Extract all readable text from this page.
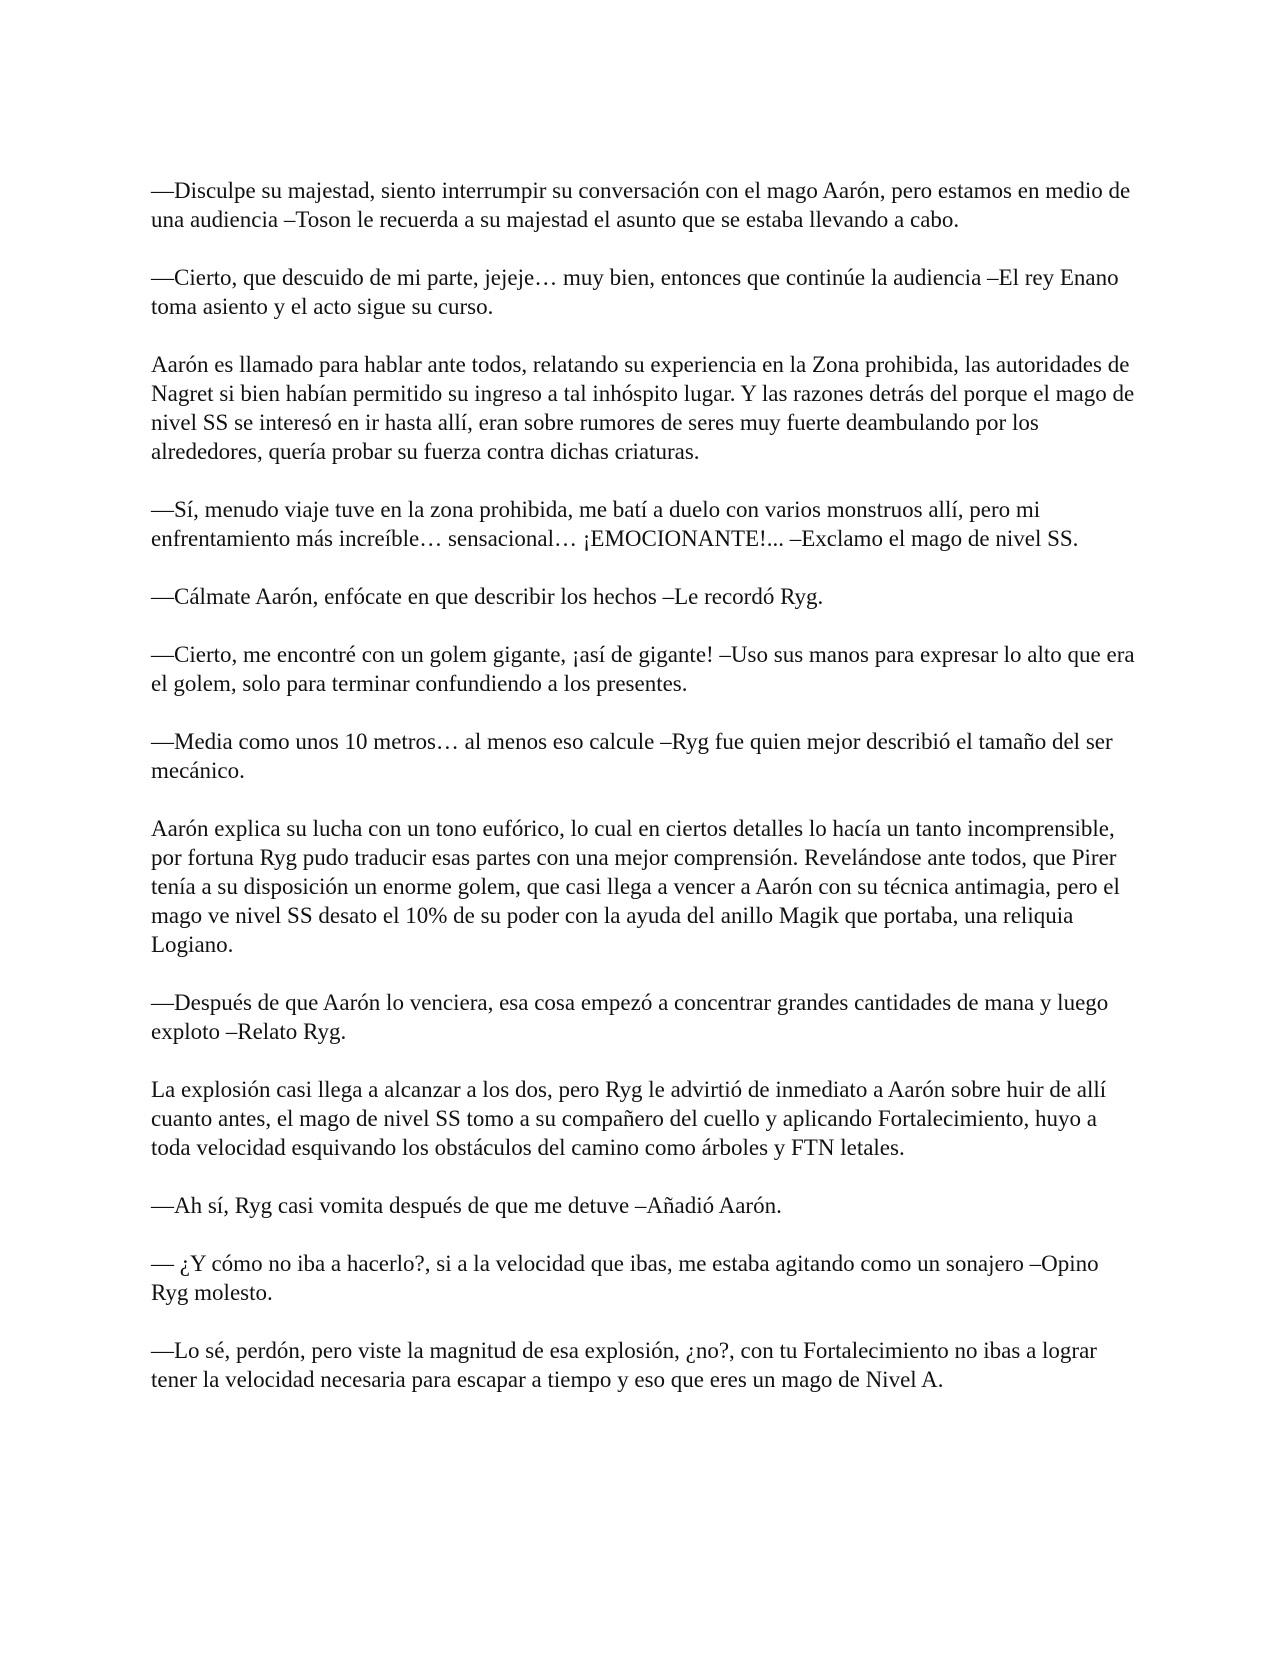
—Disculpe su majestad, siento interrumpir su conversación con el mago Aarón, pero estamos en medio de una audiencia –Toson le recuerda a su majestad el asunto que se estaba llevando a cabo.

—Cierto, que descuido de mi parte, jejeje… muy bien, entonces que continúe la audiencia –El rey Enano toma asiento y el acto sigue su curso.

Aarón es llamado para hablar ante todos, relatando su experiencia en la Zona prohibida, las autoridades de Nagret si bien habían permitido su ingreso a tal inhóspito lugar. Y las razones detrás del porque el mago de nivel SS se interesó en ir hasta allí, eran sobre rumores de seres muy fuerte deambulando por los alrededores, quería probar su fuerza contra dichas criaturas.

—Sí, menudo viaje tuve en la zona prohibida, me batí a duelo con varios monstruos allí, pero mi enfrentamiento más increíble… sensacional… ¡EMOCIONANTE!... –Exclamo el mago de nivel SS.

—Cálmate Aarón, enfócate en que describir los hechos –Le recordó Ryg.

—Cierto, me encontré con un golem gigante, ¡así de gigante! –Uso sus manos para expresar lo alto que era el golem, solo para terminar confundiendo a los presentes.

—Media como unos 10 metros… al menos eso calcule –Ryg fue quien mejor describió el tamaño del ser mecánico.

Aarón explica su lucha con un tono eufórico, lo cual en ciertos detalles lo hacía un tanto incomprensible, por fortuna Ryg pudo traducir esas partes con una mejor comprensión. Revelándose ante todos, que Pirer tenía a su disposición un enorme golem, que casi llega a vencer a Aarón con su técnica antimagia, pero el mago ve nivel SS desato el 10% de su poder con la ayuda del anillo Magik que portaba, una reliquia Logiano.

—Después de que Aarón lo venciera, esa cosa empezó a concentrar grandes cantidades de mana y luego exploto –Relato Ryg.

La explosión casi llega a alcanzar a los dos, pero Ryg le advirtió de inmediato a Aarón sobre huir de allí cuanto antes, el mago de nivel SS tomo a su compañero del cuello y aplicando Fortalecimiento, huyo a toda velocidad esquivando los obstáculos del camino como árboles y FTN letales.

—Ah sí, Ryg casi vomita después de que me detuve –Añadió Aarón.

— ¿Y cómo no iba a hacerlo?, si a la velocidad que ibas, me estaba agitando como un sonajero –Opino Ryg molesto.

—Lo sé, perdón, pero viste la magnitud de esa explosión, ¿no?, con tu Fortalecimiento no ibas a lograr tener la velocidad necesaria para escapar a tiempo y eso que eres un mago de Nivel A.
